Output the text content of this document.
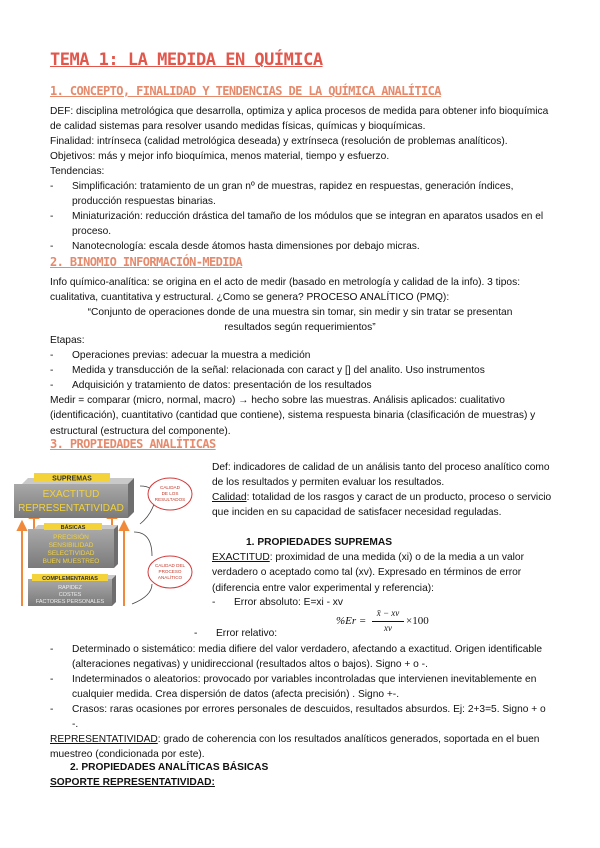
TEMA 1: LA MEDIDA EN QUÍMICA
1. CONCEPTO, FINALIDAD Y TENDENCIAS DE LA QUÍMICA ANALÍTICA

DEF: disciplina metrológica que desarrolla, optimiza y aplica procesos de medida para obtener info bioquímica de calidad sistemas para resolver usando medidas físicas, químicas y bioquímicas.

Finalidad: intrínseca (calidad metrológica deseada) y extrínseca (resolución de problemas analíticos).

Objetivos: más y mejor info bioquímica, menos material, tiempo y esfuerzo.

Tendencias:

-	Simplificación: tratamiento de un gran nº de muestras, rapidez en respuestas, generación índices, producción respuestas binarias.
-	Miniaturización: reducción drástica del tamaño de los módulos que se integran en aparatos usados en el proceso.
-	Nanotecnología: escala desde átomos hasta dimensiones por debajo micras.
2. BINOMIO INFORMACIÓN-MEDIDA

Info químico-analítica: se origina en el acto de medir (basado en metrología y calidad de la info). 3 tipos: cualitativa, cuantitativa y estructural. ¿Como se genera? PROCESO ANALÍTICO (PMQ):

“Conjunto de operaciones donde de una muestra sin tomar, sin medir y sin tratar se presentan resultados según requerimientos”

Etapas:

-	Operaciones previas: adecuar la muestra a medición
-	Medida y transducción de la señal: relacionada con caract y [] del analito. Uso instrumentos
-	Adquisición y tratamiento de datos: presentación de los resultados

Medir = comparar (micro, normal, macro) → hecho sobre las muestras. Análisis aplicados: cualitativo (identificación), cuantitativo (cantidad que contiene), sistema respuesta binaria (clasificación de muestras) y estructural (estructura del componente).

3. PROPIEDADES ANALÍTICAS
SUPREMAS
EXACTITUD
REPRESENTATIVIDAD
BÁSICAS
PRECISIÓN
SENSIBILIDAD
SELECTIVIDAD
BUEN MUESTREO
COMPLEMENTARIAS
RAPIDEZ
COSTES
FACTORES PERSONALES
CALIDAD
DE LOS
RESULTADOS
CALIDAD DEL
PROCESO
ANALÍTICO

Def: indicadores de calidad de un análisis tanto del proceso analítico como de los resultados y permiten evaluar los resultados.

Calidad: totalidad de los rasgos y caract de un producto, proceso o servicio que inciden en su capacidad de satisfacer necesidad reguladas.

1. PROPIEDADES SUPREMAS

EXACTITUD: proximidad de una medida (xi) o de la media a un valor verdadero o aceptado como tal (xv). Expresado en términos de error (diferencia entre valor experimental y referencia):

-	Error absoluto: E=xi - xv
%Er =
x̄ − xv
xv
×100
-	Error relativo:
-	Determinado o sistemático: media difiere del valor verdadero, afectando a exactitud. Origen identificable (alteraciones negativas) y unidireccional (resultados altos o bajos). Signo + o -.
-	Indeterminados o aleatorios: provocado por variables incontroladas que intervienen inevitablemente en cualquier medida. Crea dispersión de datos (afecta precisión) . Signo +-.
-	Crasos: raras ocasiones por errores personales de descuidos, resultados absurdos. Ej: 2+3=5. Signo + o -.

REPRESENTATIVIDAD: grado de coherencia con los resultados analíticos generados, soportada en el buen muestreo (condicionada por este).

2. PROPIEDADES ANALÍTICAS BÁSICAS

SOPORTE REPRESENTATIVIDAD:
